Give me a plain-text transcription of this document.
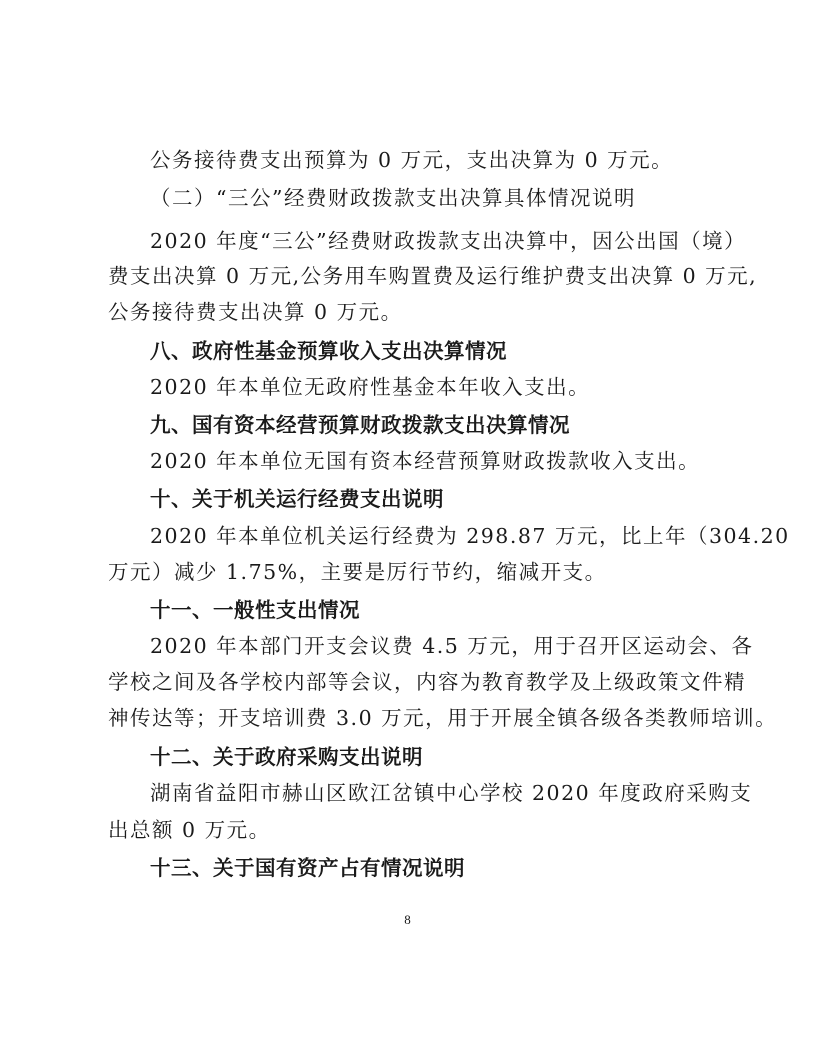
公务接待费支出预算为 0 万元，支出决算为 0 万元。
（二）“三公”经费财政拨款支出决算具体情况说明
2020 年度“三公”经费财政拨款支出决算中，因公出国（境）
费支出决算 0 万元,公务用车购置费及运行维护费支出决算 0 万元,
公务接待费支出决算 0 万元。
八、政府性基金预算收入支出决算情况
2020 年本单位无政府性基金本年收入支出。
九、国有资本经营预算财政拨款支出决算情况
2020 年本单位无国有资本经营预算财政拨款收入支出。
十、关于机关运行经费支出说明
2020 年本单位机关运行经费为 298.87 万元，比上年（304.20
万元）减少 1.75%，主要是厉行节约，缩减开支。
十一、一般性支出情况
2020 年本部门开支会议费 4.5 万元，用于召开区运动会、各
学校之间及各学校内部等会议，内容为教育教学及上级政策文件精
神传达等；开支培训费 3.0 万元，用于开展全镇各级各类教师培训。
十二、关于政府采购支出说明
湖南省益阳市赫山区欧江岔镇中心学校 2020 年度政府采购支
出总额 0 万元。
十三、关于国有资产占有情况说明
8
